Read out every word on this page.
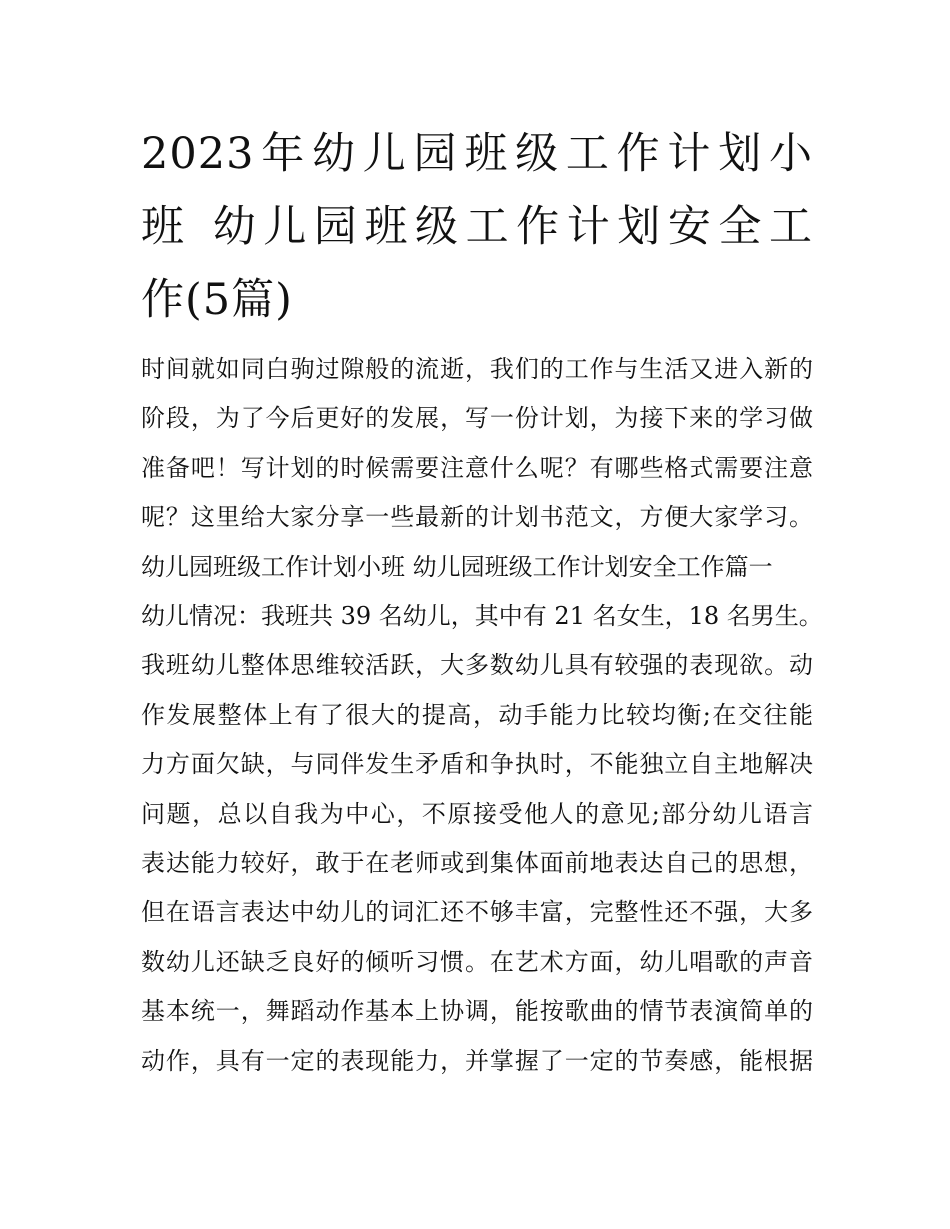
2023年幼儿园班级工作计划小
班 幼儿园班级工作计划安全工
作(5篇)
时间就如同白驹过隙般的流逝，我们的工作与生活又进入新的
阶段，为了今后更好的发展，写一份计划，为接下来的学习做
准备吧！写计划的时候需要注意什么呢？有哪些格式需要注意
呢？这里给大家分享一些最新的计划书范文，方便大家学习。
幼儿园班级工作计划小班 幼儿园班级工作计划安全工作篇一
幼儿情况：我班共 39 名幼儿，其中有 21 名女生，18 名男生。
我班幼儿整体思维较活跃，大多数幼儿具有较强的表现欲。动
作发展整体上有了很大的提高，动手能力比较均衡;在交往能
力方面欠缺，与同伴发生矛盾和争执时，不能独立自主地解决
问题，总以自我为中心，不原接受他人的意见;部分幼儿语言
表达能力较好，敢于在老师或到集体面前地表达自己的思想，
但在语言表达中幼儿的词汇还不够丰富，完整性还不强，大多
数幼儿还缺乏良好的倾听习惯。在艺术方面，幼儿唱歌的声音
基本统一，舞蹈动作基本上协调，能按歌曲的情节表演简单的
动作，具有一定的表现能力，并掌握了一定的节奏感，能根据
